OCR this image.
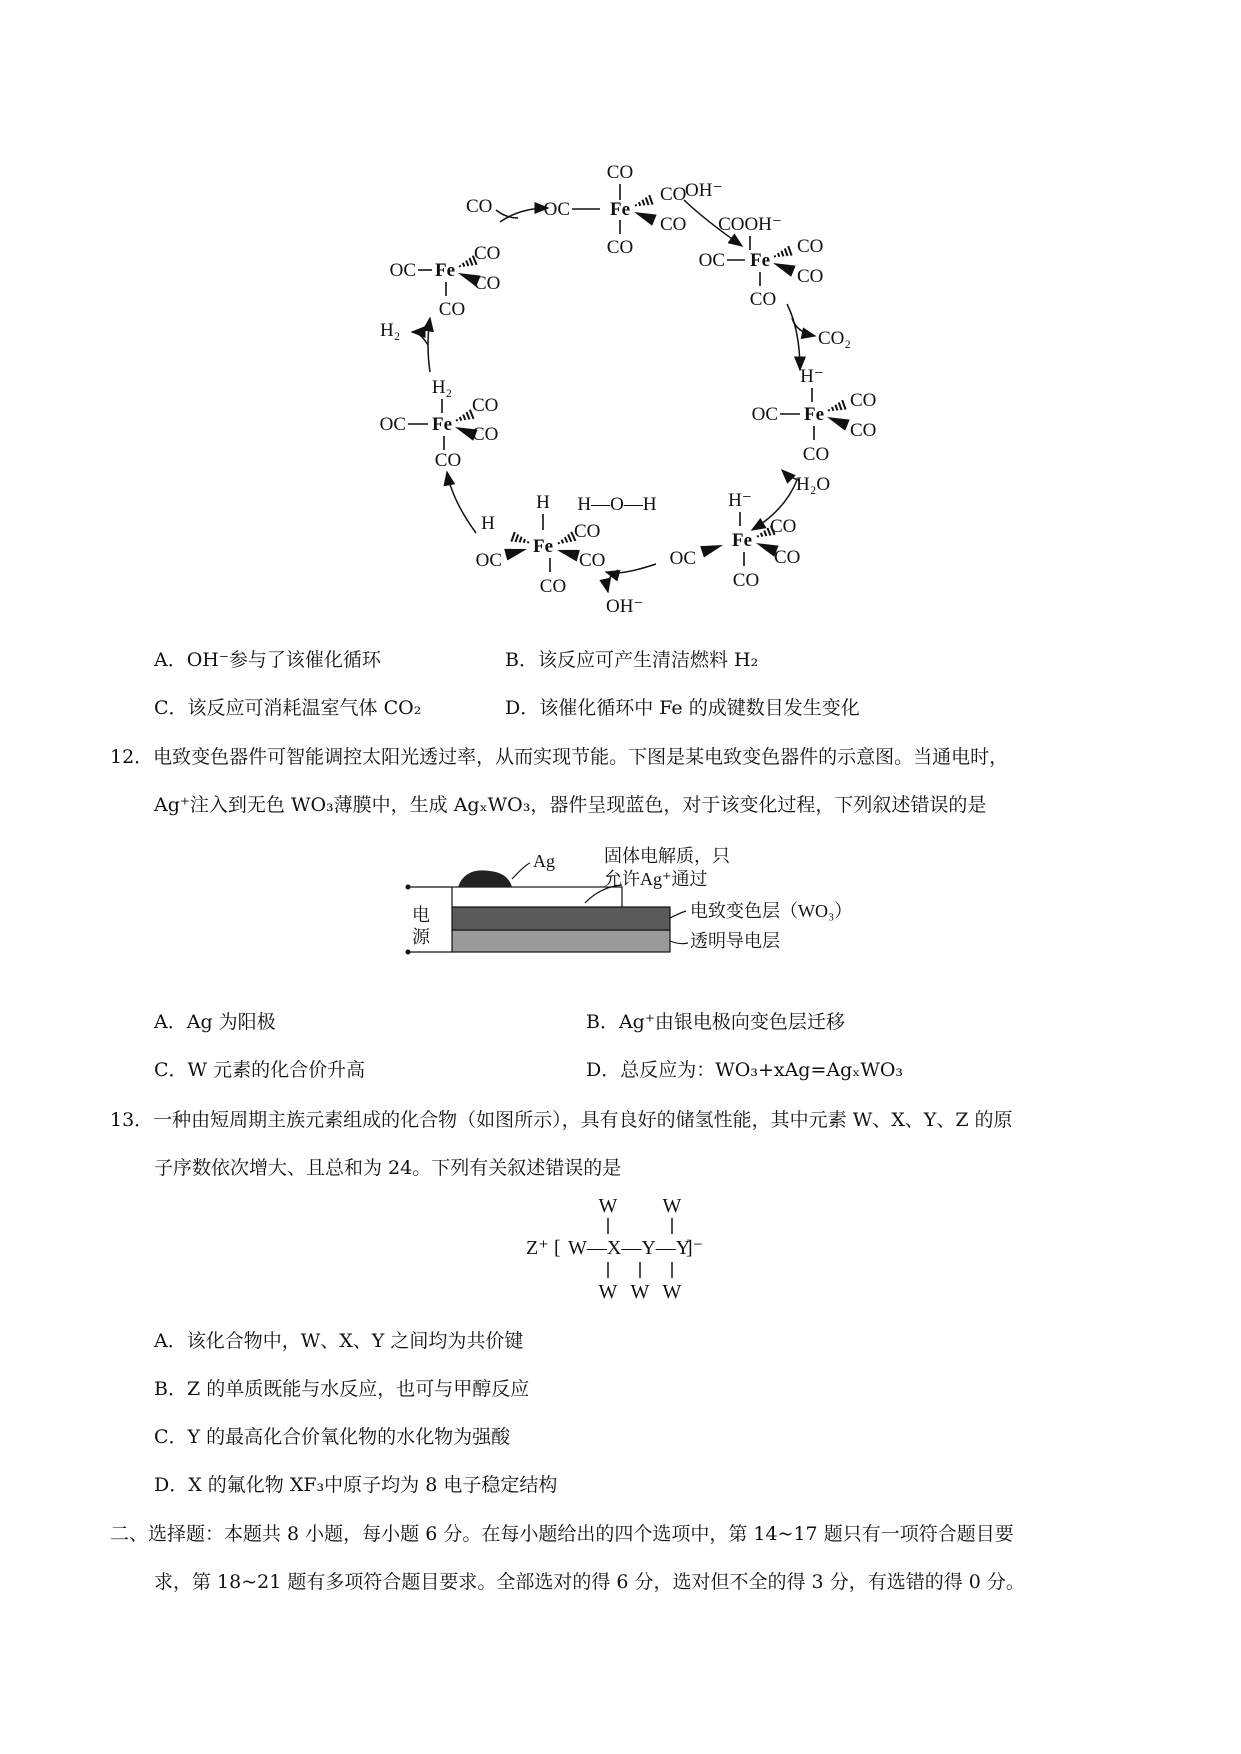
CO
OC Fe
CO
CO
CO
COOH⁻
OC Fe
CO
CO
CO
H⁻
OC Fe
CO
CO
CO
H⁻
OC
Fe
CO
CO
CO
H—O—H
H
H
OC
Fe
CO
CO
CO
H₂
OC Fe
CO
CO
CO
OC Fe
CO
CO
CO
CO
OH⁻
CO₂
H₂O
OH⁻
H₂
A．OH⁻参与了该催化循环	B．该反应可产生清洁燃料 H₂
C．该反应可消耗温室气体 CO₂	D．该催化循环中 Fe 的成键数目发生变化
12．电致变色器件可智能调控太阳光透过率，从而实现节能。下图是某电致变色器件的示意图。当通电时，
Ag⁺注入到无色 WO₃薄膜中，生成 AgₓWO₃，器件呈现蓝色，对于该变化过程，下列叙述错误的是
Ag	固体电解质，只
允许Ag⁺通过
电致变色层（WO₃）
透明导电层
电源
A．Ag 为阳极	B．Ag⁺由银电极向变色层迁移
C．W 元素的化合价升高	D．总反应为：WO₃+xAg=AgₓWO₃
13．一种由短周期主族元素组成的化合物（如图所示），具有良好的储氢性能，其中元素 W、X、Y、Z 的原
子序数依次增大、且总和为 24。下列有关叙述错误的是
W W
Z⁺ [ W—X—Y—Y
]⁻
W W W
A．该化合物中，W、X、Y 之间均为共价键
B．Z 的单质既能与水反应，也可与甲醇反应
C．Y 的最高化合价氧化物的水化物为强酸
D．X 的氟化物 XF₃中原子均为 8 电子稳定结构
二、选择题：本题共 8 小题，每小题 6 分。在每小题给出的四个选项中，第 14~17 题只有一项符合题目要
求，第 18~21 题有多项符合题目要求。全部选对的得 6 分，选对但不全的得 3 分，有选错的得 0 分。
